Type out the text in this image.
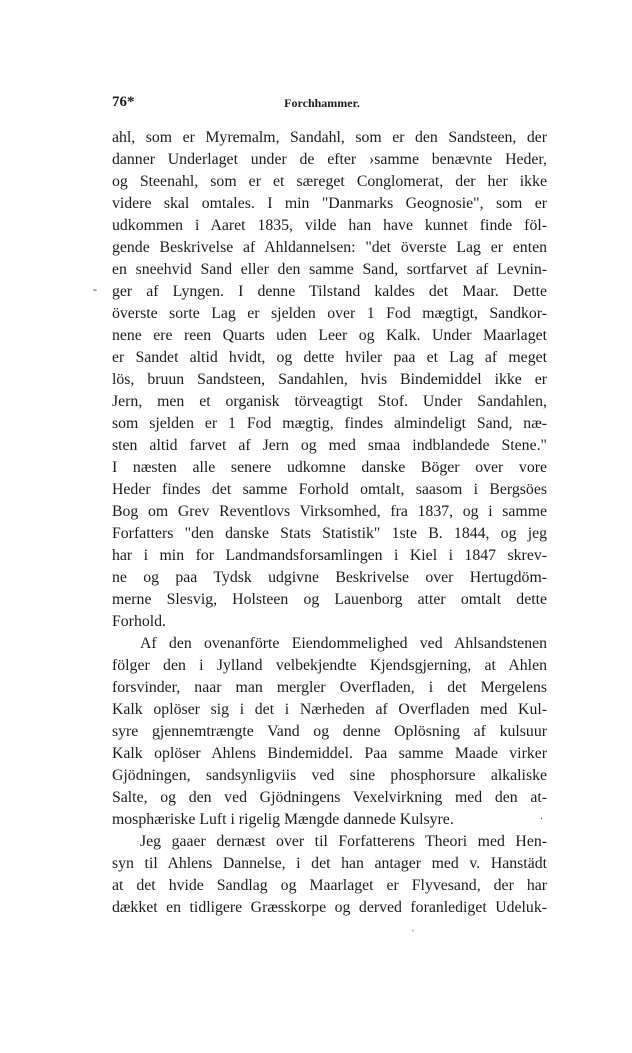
76*	Forchhammer.
ahl, som er Myremalm, Sandahl, som er den Sandsteen, der
danner Underlaget under de efter ›samme benævnte Heder,
og Steenahl, som er et særeget Conglomerat, der her ikke
videre skal omtales. I min "Danmarks Geognosie", som er
udkommen i Aaret 1835, vilde han have kunnet finde föl-
gende Beskrivelse af Ahldannelsen: "det överste Lag er enten
en sneehvid Sand eller den samme Sand, sortfarvet af Levnin-
ger af Lyngen. I denne Tilstand kaldes det Maar. Dette
överste sorte Lag er sjelden over 1 Fod mægtigt, Sandkor-
nene ere reen Quarts uden Leer og Kalk. Under Maarlaget
er Sandet altid hvidt, og dette hviler paa et Lag af meget
lös, bruun Sandsteen, Sandahlen, hvis Bindemiddel ikke er
Jern, men et organisk törveagtigt Stof. Under Sandahlen,
som sjelden er 1 Fod mægtig, findes almindeligt Sand, næ-
sten altid farvet af Jern og med smaa indblandede Stene."
I næsten alle senere udkomne danske Böger over vore
Heder findes det samme Forhold omtalt, saasom i Bergsöes
Bog om Grev Reventlovs Virksomhed, fra 1837, og i samme
Forfatters "den danske Stats Statistik" 1ste B. 1844, og jeg
har i min for Landmandsforsamlingen i Kiel i 1847 skrev-
ne og paa Tydsk udgivne Beskrivelse over Hertugdöm-
merne Slesvig, Holsteen og Lauenborg atter omtalt dette
Forhold.
Af den ovenanförte Eiendommelighed ved Ahlsandstenen
fölger den i Jylland velbekjendte Kjendsgjerning, at Ahlen
forsvinder, naar man mergler Overfladen, i det Mergelens
Kalk oplöser sig i det i Nærheden af Overfladen med Kul-
syre gjennemtrængte Vand og denne Oplösning af kulsuur
Kalk oplöser Ahlens Bindemiddel. Paa samme Maade virker
Gjödningen, sandsynligviis ved sine phosphorsure alkaliske
Salte, og den ved Gjödningens Vexelvirkning med den at-
mosphæriske Luft i rigelig Mængde dannede Kulsyre.
Jeg gaaer dernæst over til Forfatterens Theori med Hen-
syn til Ahlens Dannelse, i det han antager med v. Hanstädt
at det hvide Sandlag og Maarlaget er Flyvesand, der har
dækket en tidligere Græsskorpe og derved foranlediget Udeluk-
-
.
ˌ
